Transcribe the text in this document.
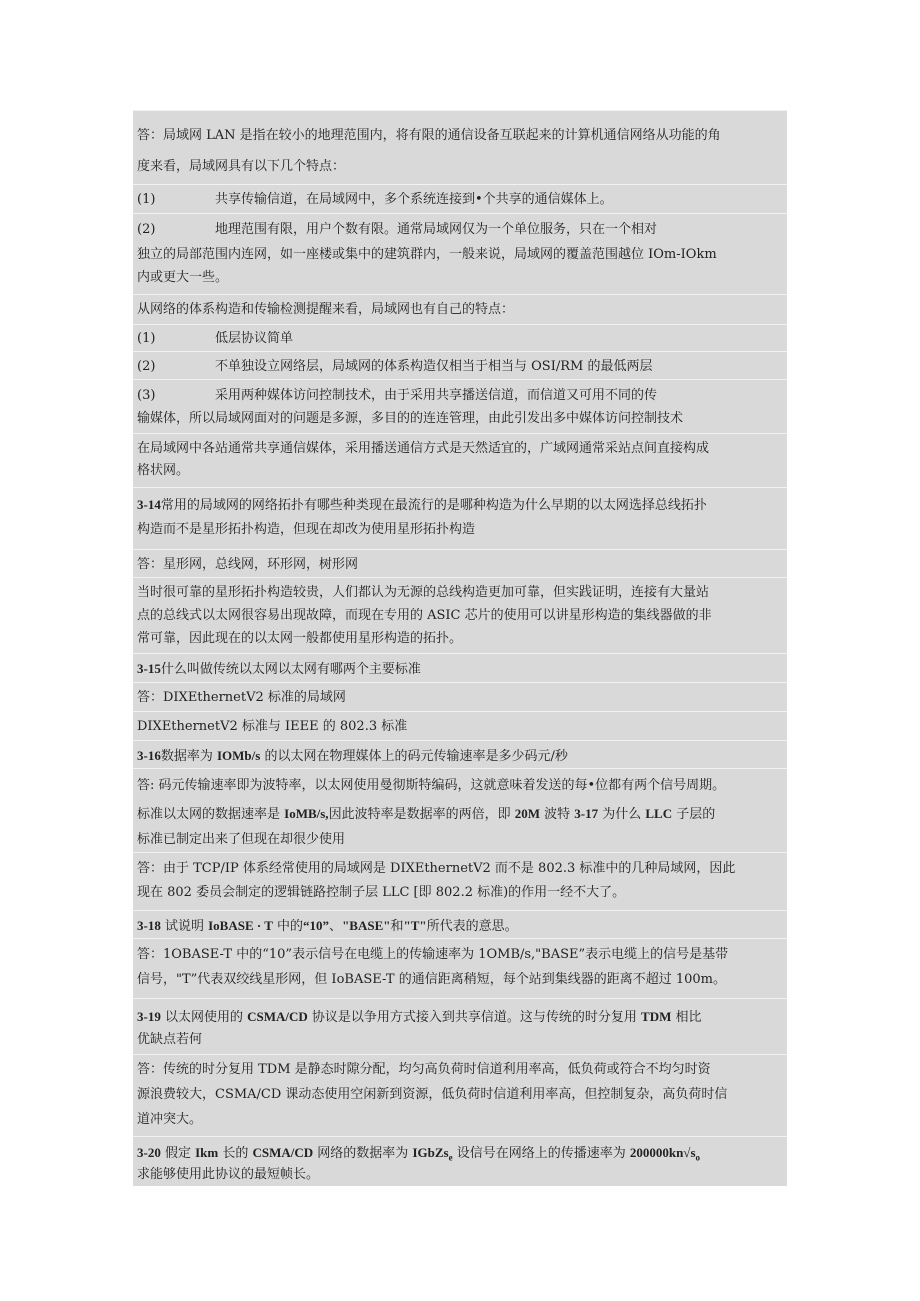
答：局域网 LAN 是指在较小的地理范围内，将有限的通信设备互联起来的计算机通信网络从功能的角
度来看，局域网具有以下几个特点：
(1)	共享传输信道，在局域网中，多个系统连接到•个共享的通信媒体上。
(2)	地理范围有限，用户个数有限。通常局域网仅为一个单位服务，只在一个相对
独立的局部范围内连网，如一座楼或集中的建筑群内，一般来说，局域网的覆盖范围越位 IOm-IOkm
内或更大一些。
从网络的体系构造和传输检测提醒来看，局域网也有自己的特点：
(1)	低层协议简单
(2)	不单独设立网络层，局域网的体系构造仅相当于相当与 OSI/RM 的最低两层
(3)	采用两种媒体访问控制技术，由于采用共享播送信道，而信道又可用不同的传
输媒体，所以局域网面对的问题是多源，多目的的连连管理，由此引发出多中媒体访问控制技术
在局域网中各站通常共享通信媒体，采用播送通信方式是天然适宜的，广域网通常采站点间直接构成
格状网。
3-14常用的局域网的网络拓扑有哪些种类现在最流行的是哪种构造为什么早期的以太网选择总线拓扑
构造而不是星形拓扑构造，但现在却改为使用星形拓扑构造
答：星形网，总线网，环形网，树形网
当时很可靠的星形拓扑构造较贵，人们都认为无源的总线构造更加可靠，但实践证明，连接有大量站
点的总线式以太网很容易出现故障，而现在专用的 ASIC 芯片的使用可以讲星形构造的集线器做的非
常可靠，因此现在的以太网一般都使用星形构造的拓扑。
3-15什么叫做传统以太网以太网有哪两个主要标准
答：DIXEthernetV2 标准的局域网
DIXEthernetV2 标准与 IEEE 的 802.3 标准
3-16数据率为 IOMb/s 的以太网在物理媒体上的码元传输速率是多少码元/秒
答: 码元传输速率即为波特率，以太网使用曼彻斯特编码，这就意味着发送的每•位都有两个信号周期。
标准以太网的数据速率是 IoMB/s,因此波特率是数据率的两倍，即 20M 波特 3-17 为什么 LLC 子层的
标准已制定出来了但现在却很少使用
答：由于 TCP/IP 体系经常使用的局域网是 DIXEthernetV2 而不是 802.3 标准中的几种局域网，因此
现在 802 委员会制定的逻辑链路控制子层 LLC [即 802.2 标准)的作用一经不大了。
3-18 试说明 IoBASE · T 中的“10”、"BASE"和"T"所代表的意思。
答：1OBASE-T 中的“10”表示信号在电缆上的传输速率为 1OMB/s,"BASE”表示电缆上的信号是基带
信号，"T”代表双绞线星形网，但 IoBASE-T 的通信距离稍短，每个站到集线器的距离不超过 100m。
3-19 以太网使用的 CSMA/CD 协议是以争用方式接入到共享信道。这与传统的时分复用 TDM 相比
优缺点若何
答：传统的时分复用 TDM 是静态时隙分配，均匀高负荷时信道利用率高，低负荷或符合不均匀时资
源浪费较大，CSMA/CD 课动态使用空闲新到资源，低负荷时信道利用率高，但控制复杂，高负荷时信
道冲突大。
3-20 假定 Ikm 长的 CSMA/CD 网络的数据率为 IGbZs$_e$ 设信号在网络上的传播速率为 $200000kn√s_o$
求能够使用此协议的最短帧长。
